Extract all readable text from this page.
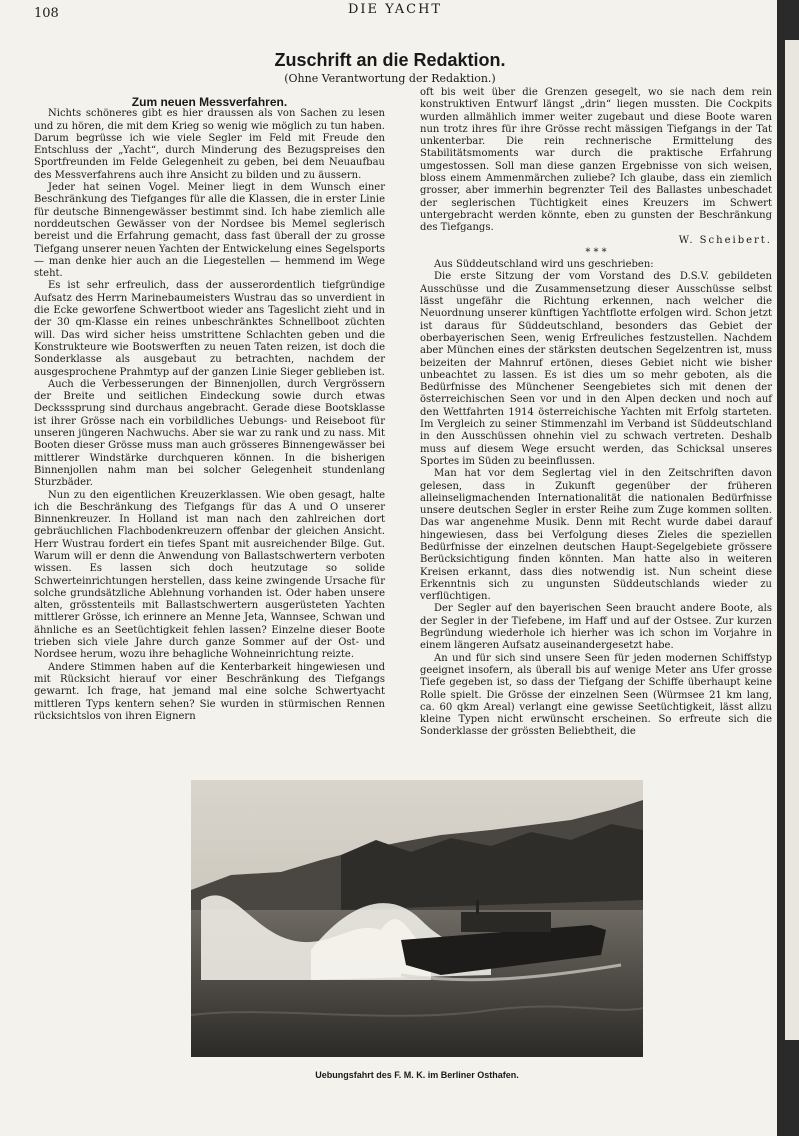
108	DIE YACHT
Zuschrift an die Redaktion.
(Ohne Verantwortung der Redaktion.)

Zum neuen Messverfahren.

Nichts schöneres gibt es hier draussen als von Sachen zu lesen und zu hören, die mit dem Krieg so wenig wie möglich zu tun haben. Darum begrüsse ich wie viele Segler im Feld mit Freude den Entschluss der „Yacht“, durch Minderung des Bezugspreises den Sportfreunden im Felde Gelegenheit zu geben, bei dem Neuaufbau des Messverfahrens auch ihre Ansicht zu bilden und zu äussern.

Jeder hat seinen Vogel. Meiner liegt in dem Wunsch einer Beschränkung des Tiefganges für alle die Klassen, die in erster Linie für deutsche Binnengewässer bestimmt sind. Ich habe ziemlich alle norddeutschen Gewässer von der Nordsee bis Memel seglerisch bereist und die Erfahrung gemacht, dass fast überall der zu grosse Tiefgang unserer neuen Yachten der Entwickelung eines Segelsports — man denke hier auch an die Liegestellen — hemmend im Wege steht.

Es ist sehr erfreulich, dass der ausserordentlich tiefgründige Aufsatz des Herrn Marinebaumeisters Wustrau das so unverdient in die Ecke geworfene Schwertboot wieder ans Tageslicht zieht und in der 30 qm-Klasse ein reines unbeschränktes Schnellboot züchten will. Das wird sicher heiss umstrittene Schlachten geben und die Konstrukteure wie Bootswerften zu neuen Taten reizen, ist doch die Sonderklasse als ausgebaut zu betrachten, nachdem der ausgesprochene Prahmtyp auf der ganzen Linie Sieger geblieben ist.

Auch die Verbesserungen der Binnenjollen, durch Vergrössern der Breite und seitlichen Eindeckung sowie durch etwas Decksssprung sind durchaus angebracht. Gerade diese Bootsklasse ist ihrer Grösse nach ein vorbildliches Uebungs- und Reiseboot für unseren jüngeren Nachwuchs. Aber sie war zu rank und zu nass. Mit Booten dieser Grösse muss man auch grösseres Binnengewässer bei mittlerer Windstärke durchqueren können. In die bisherigen Binnenjollen nahm man bei solcher Gelegenheit stundenlang Sturzbäder.

Nun zu den eigentlichen Kreuzerklassen. Wie oben gesagt, halte ich die Beschränkung des Tiefgangs für das A und O unserer Binnenkreuzer. In Holland ist man nach den zahlreichen dort gebräuchlichen Flachbodenkreuzern offenbar der gleichen Ansicht. Herr Wustrau fordert ein tiefes Spant mit ausreichender Bilge. Gut. Warum will er denn die Anwendung von Ballastschwertern verboten wissen. Es lassen sich doch heutzutage so solide Schwerteinrichtungen herstellen, dass keine zwingende Ursache für solche grundsätzliche Ablehnung vorhanden ist. Oder haben unsere alten, grösstenteils mit Ballastschwertern ausgerüsteten Yachten mittlerer Grösse, ich erinnere an Menne Jeta, Wannsee, Schwan und ähnliche es an Seetüchtigkeit fehlen lassen? Einzelne dieser Boote trieben sich viele Jahre durch ganze Sommer auf der Ost- und Nordsee herum, wozu ihre behagliche Wohneinrichtung reizte.

Andere Stimmen haben auf die Kenterbarkeit hingewiesen und mit Rücksicht hierauf vor einer Beschränkung des Tiefgangs gewarnt. Ich frage, hat jemand mal eine solche Schwertyacht mittleren Typs kentern sehen? Sie wurden in stürmischen Rennen rücksichtslos von ihren Eignern

oft bis weit über die Grenzen gesegelt, wo sie nach dem rein konstruktiven Entwurf längst „drin“ liegen mussten. Die Cockpits wurden allmählich immer weiter zugebaut und diese Boote waren nun trotz ihres für ihre Grösse recht mässigen Tiefgangs in der Tat unkenterbar. Die rein rechnerische Ermittelung des Stabilitätsmoments war durch die praktische Erfahrung umgestossen. Soll man diese ganzen Ergebnisse von sich weisen, bloss einem Ammenmärchen zuliebe? Ich glaube, dass ein ziemlich grosser, aber immerhin begrenzter Teil des Ballastes unbeschadet der seglerischen Tüchtigkeit eines Kreuzers im Schwert untergebracht werden könnte, eben zu gunsten der Beschränkung des Tiefgangs.

W. Scheibert.

* * *

Aus Süddeutschland wird uns geschrieben:

Die erste Sitzung der vom Vorstand des D.S.V. gebildeten Ausschüsse und die Zusammensetzung dieser Ausschüsse selbst lässt ungefähr die Richtung erkennen, nach welcher die Neuordnung unserer künftigen Yachtflotte erfolgen wird. Schon jetzt ist daraus für Süddeutschland, besonders das Gebiet der oberbayerischen Seen, wenig Erfreuliches festzustellen. Nachdem aber München eines der stärksten deutschen Segelzentren ist, muss beizeiten der Mahnruf ertönen, dieses Gebiet nicht wie bisher unbeachtet zu lassen. Es ist dies um so mehr geboten, als die Bedürfnisse des Münchener Seengebietes sich mit denen der österreichischen Seen vor und in den Alpen decken und noch auf den Wettfahrten 1914 österreichische Yachten mit Erfolg starteten. Im Vergleich zu seiner Stimmenzahl im Verband ist Süddeutschland in den Ausschüssen ohnehin viel zu schwach vertreten. Deshalb muss auf diesem Wege ersucht werden, das Schicksal unseres Sportes im Süden zu beeinflussen.

Man hat vor dem Seglertag viel in den Zeitschriften davon gelesen, dass in Zukunft gegenüber der früheren alleinseligmachenden Internationalität die nationalen Bedürfnisse unsere deutschen Segler in erster Reihe zum Zuge kommen sollten. Das war angenehme Musik. Denn mit Recht wurde dabei darauf hingewiesen, dass bei Verfolgung dieses Zieles die speziellen Bedürfnisse der einzelnen deutschen Haupt-Segelgebiete grössere Berücksichtigung finden könnten. Man hatte also in weiteren Kreisen erkannt, dass dies notwendig ist. Nun scheint diese Erkenntnis sich zu ungunsten Süddeutschlands wieder zu verflüchtigen.

Der Segler auf den bayerischen Seen braucht andere Boote, als der Segler in der Tiefebene, im Haff und auf der Ostsee. Zur kurzen Begründung wiederhole ich hierher was ich schon im Vorjahre in einem längeren Aufsatz auseinandergesetzt habe.

An und für sich sind unsere Seen für jeden modernen Schiffstyp geeignet insofern, als überall bis auf wenige Meter ans Ufer grosse Tiefe gegeben ist, so dass der Tiefgang der Schiffe überhaupt keine Rolle spielt. Die Grösse der einzelnen Seen (Würmsee 21 km lang, ca. 60 qkm Areal) verlangt eine gewisse Seetüchtigkeit, lässt allzu kleine Typen nicht erwünscht erscheinen. So erfreute sich die Sonderklasse der grössten Beliebtheit, die

Uebungsfahrt des F. M. K. im Berliner Osthafen.
